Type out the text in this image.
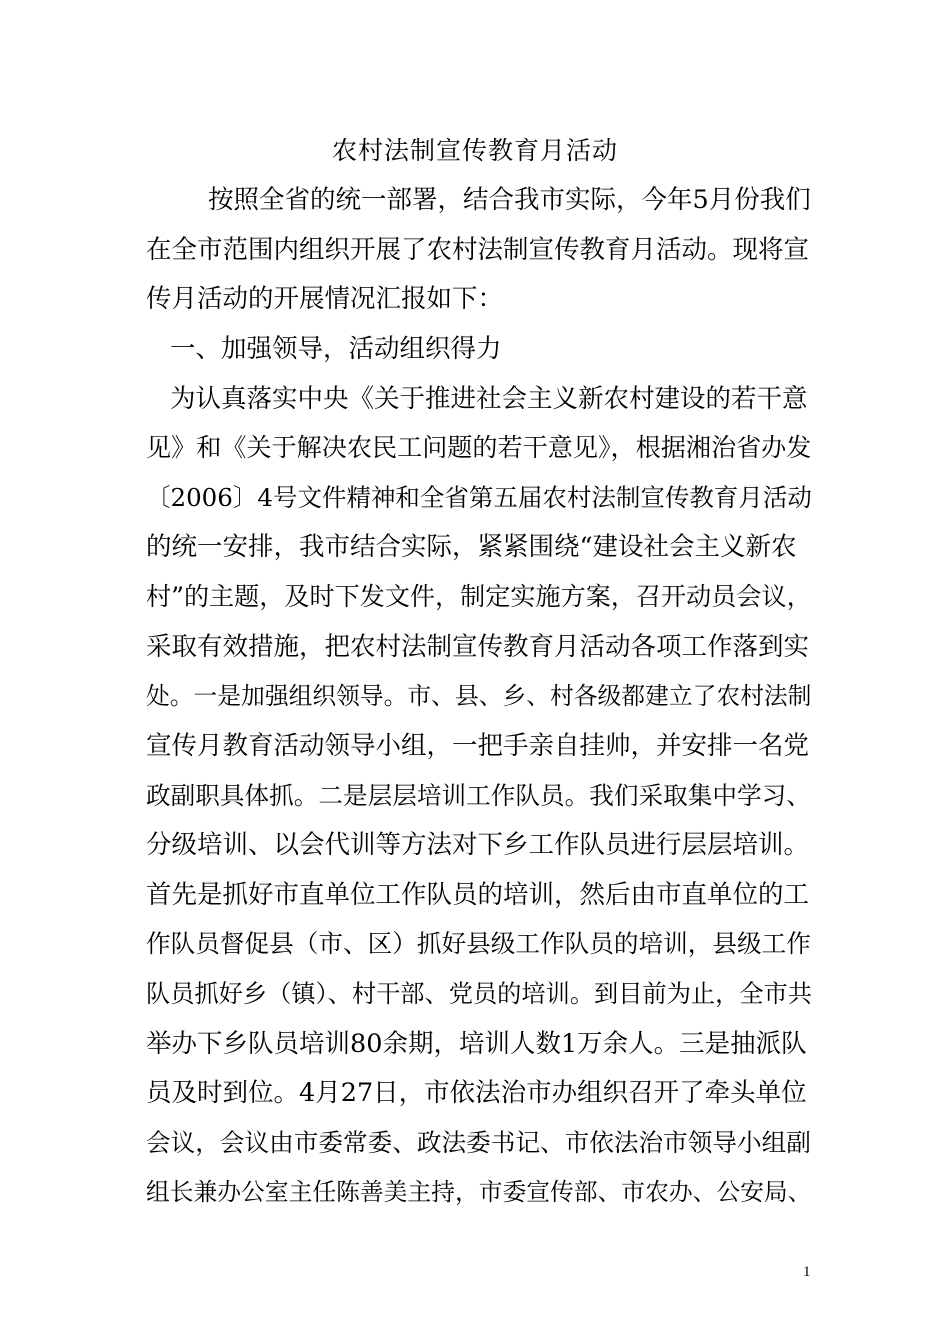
农村法制宣传教育月活动
按照全省的统一部署，结合我市实际，今年5月份我们
在全市范围内组织开展了农村法制宣传教育月活动。现将宣
传月活动的开展情况汇报如下：
一、加强领导，活动组织得力
为认真落实中央《关于推进社会主义新农村建设的若干意
见》和《关于解决农民工问题的若干意见》，根据湘治省办发
〔2006〕4号文件精神和全省第五届农村法制宣传教育月活动
的统一安排，我市结合实际，紧紧围绕“建设社会主义新农
村”的主题，及时下发文件，制定实施方案，召开动员会议，
采取有效措施，把农村法制宣传教育月活动各项工作落到实
处。一是加强组织领导。市、县、乡、村各级都建立了农村法制
宣传月教育活动领导小组，一把手亲自挂帅，并安排一名党
政副职具体抓。二是层层培训工作队员。我们采取集中学习、
分级培训、以会代训等方法对下乡工作队员进行层层培训。
首先是抓好市直单位工作队员的培训，然后由市直单位的工
作队员督促县（市、区）抓好县级工作队员的培训，县级工作
队员抓好乡（镇）、村干部、党员的培训。到目前为止，全市共
举办下乡队员培训80余期，培训人数1万余人。三是抽派队
员及时到位。4月27日，市依法治市办组织召开了牵头单位
会议，会议由市委常委、政法委书记、市依法治市领导小组副
组长兼办公室主任陈善美主持，市委宣传部、市农办、公安局、
1
